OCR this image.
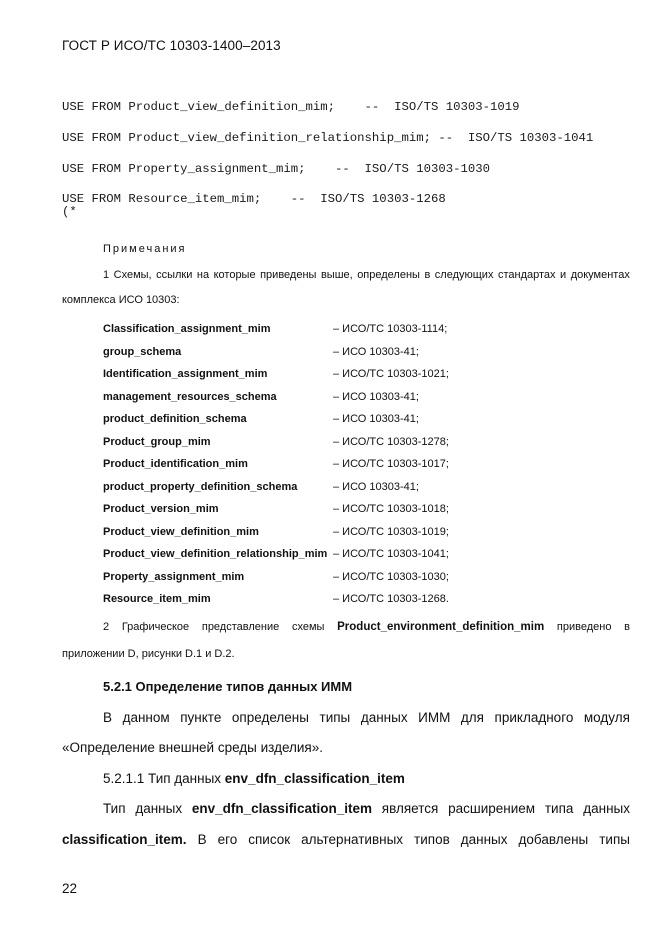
ГОСТ Р ИСО/ТС 10303-1400–2013
USE FROM Product_view_definition_mim;    --  ISO/TS 10303-1019
USE FROM Product_view_definition_relationship_mim; --  ISO/TS 10303-1041
USE FROM Property_assignment_mim;    --  ISO/TS 10303-1030
USE FROM Resource_item_mim;    --  ISO/TS 10303-1268
(*
Примечания
1 Схемы, ссылки на которые приведены выше, определены в следующих стандартах и документах
комплекса ИСО 10303:
Classification_assignment_mim	– ИСО/ТС 10303-1114;
group_schema	– ИСО 10303-41;
Identification_assignment_mim	– ИСО/ТС 10303-1021;
management_resources_schema	– ИСО 10303-41;
product_definition_schema	– ИСО 10303-41;
Product_group_mim	– ИСО/ТС 10303-1278;
Product_identification_mim	– ИСО/ТС 10303-1017;
product_property_definition_schema	– ИСО 10303-41;
Product_version_mim	– ИСО/ТС 10303-1018;
Product_view_definition_mim	– ИСО/ТС 10303-1019;
Product_view_definition_relationship_mim – ИСО/ТС 10303-1041;
Property_assignment_mim	– ИСО/ТС 10303-1030;
Resource_item_mim	– ИСО/ТС 10303-1268.
2 Графическое представление схемы Product_environment_definition_mim приведено в
приложении D, рисунки D.1 и D.2.
5.2.1 Определение типов данных ИММ
В данном пункте определены типы данных ИММ для прикладного модуля
«Определение внешней среды изделия».
5.2.1.1 Тип данных env_dfn_classification_item
Тип данных env_dfn_classification_item является расширением типа данных
classification_item. В его список альтернативных типов данных добавлены типы
22
